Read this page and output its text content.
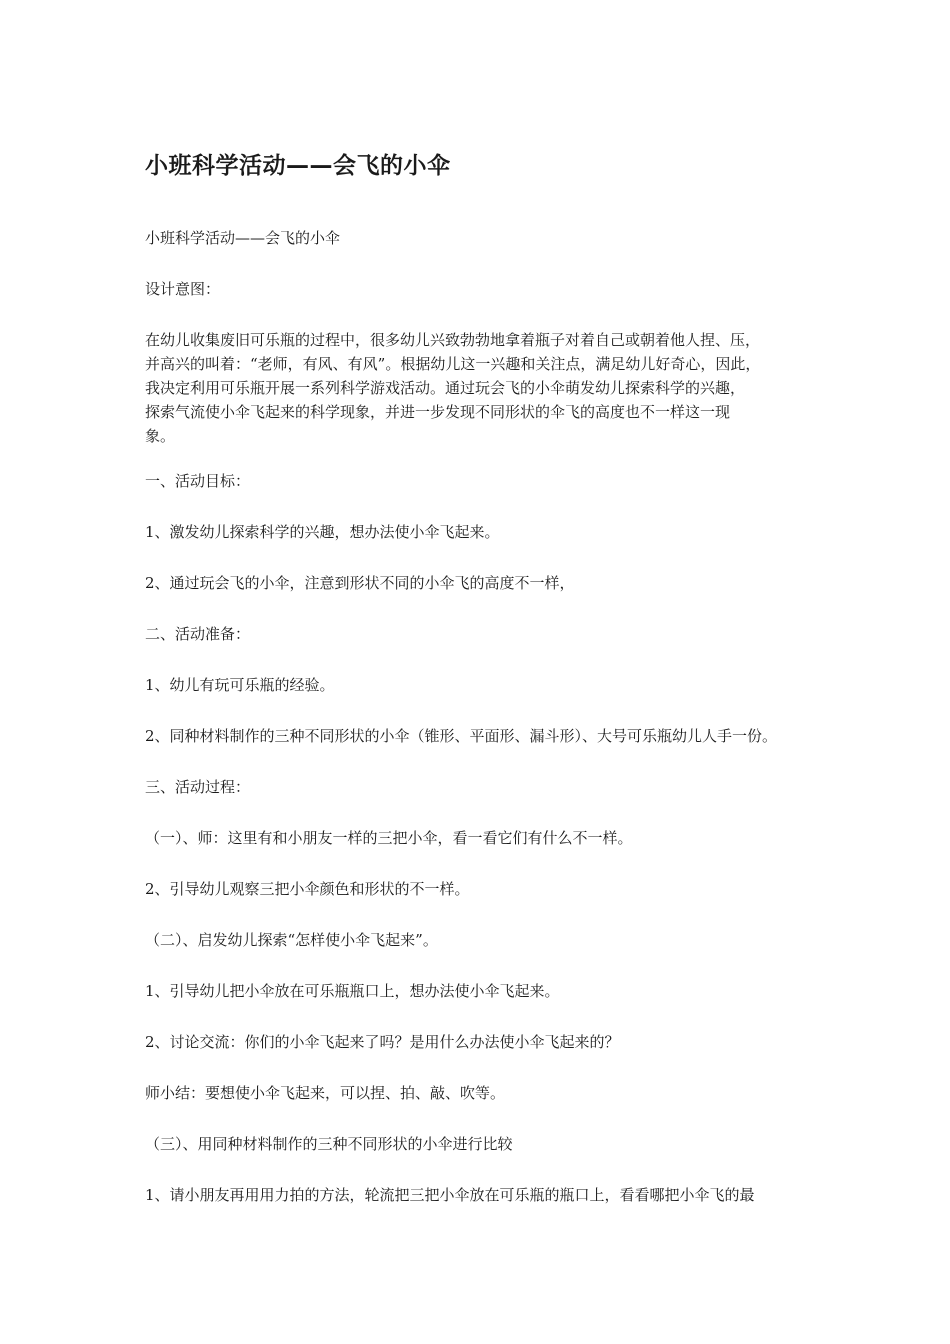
小班科学活动——会飞的小伞

小班科学活动——会飞的小伞

设计意图：

在幼儿收集废旧可乐瓶的过程中，很多幼儿兴致勃勃地拿着瓶子对着自己或朝着他人捏、压，
并高兴的叫着：“老师，有风、有风”。根据幼儿这一兴趣和关注点，满足幼儿好奇心，因此，
我决定利用可乐瓶开展一系列科学游戏活动。通过玩会飞的小伞萌发幼儿探索科学的兴趣，
探索气流使小伞飞起来的科学现象，并进一步发现不同形状的伞飞的高度也不一样这一现
象。

一、活动目标：

1、激发幼儿探索科学的兴趣，想办法使小伞飞起来。

2、通过玩会飞的小伞，注意到形状不同的小伞飞的高度不一样，

二、活动准备：

1、幼儿有玩可乐瓶的经验。

2、同种材料制作的三种不同形状的小伞（锥形、平面形、漏斗形）、大号可乐瓶幼儿人手一份。

三、活动过程：

（一）、师：这里有和小朋友一样的三把小伞，看一看它们有什么不一样。

2、引导幼儿观察三把小伞颜色和形状的不一样。

（二）、启发幼儿探索“怎样使小伞飞起来”。

1、引导幼儿把小伞放在可乐瓶瓶口上，想办法使小伞飞起来。

2、讨论交流：你们的小伞飞起来了吗？是用什么办法使小伞飞起来的？

师小结：要想使小伞飞起来，可以捏、拍、敲、吹等。

（三）、用同种材料制作的三种不同形状的小伞进行比较

1、请小朋友再用用力拍的方法，轮流把三把小伞放在可乐瓶的瓶口上，看看哪把小伞飞的最
